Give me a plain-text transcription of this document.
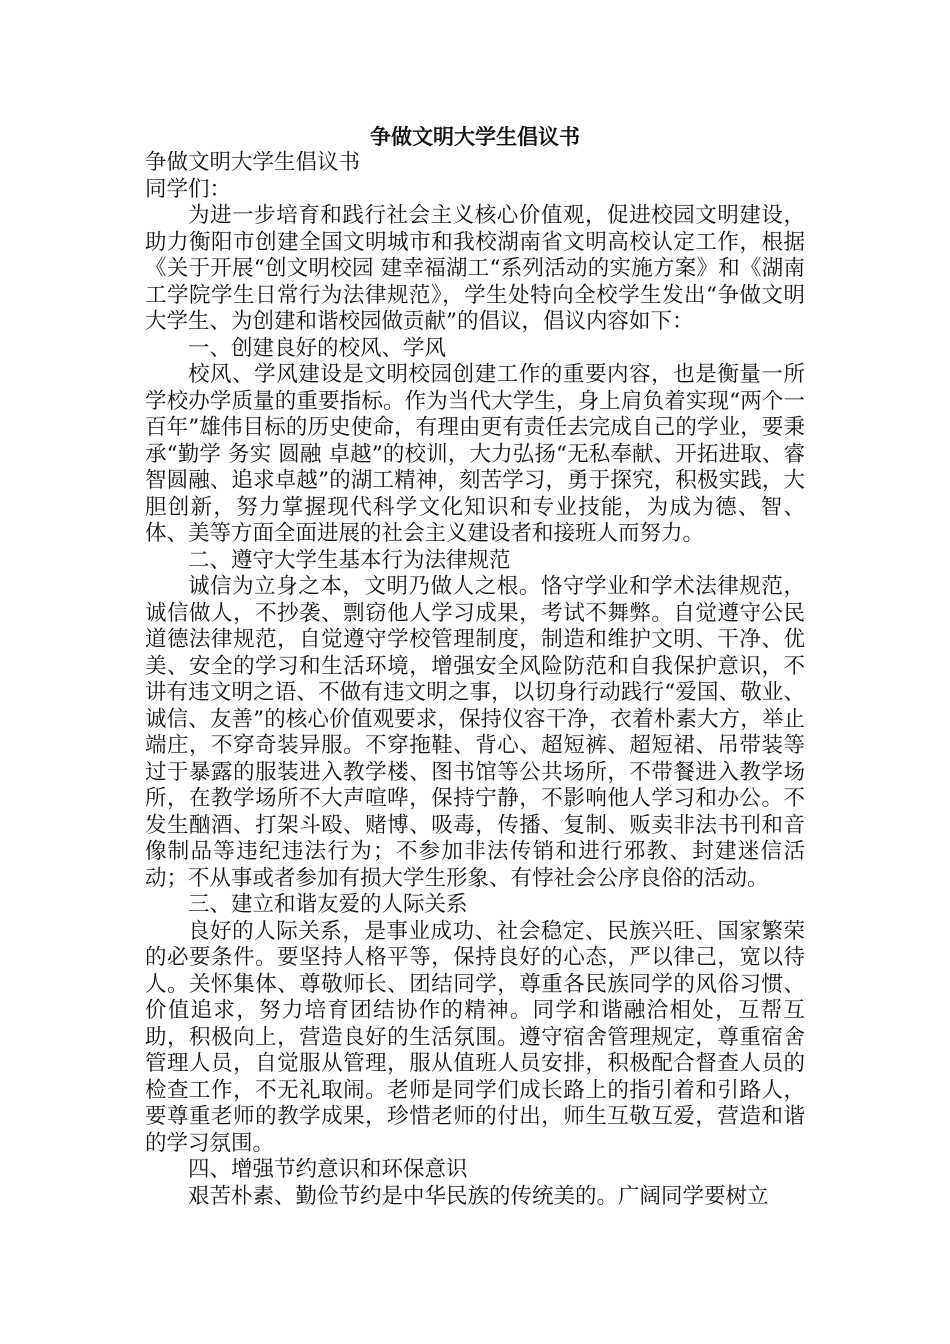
争做文明大学生倡议书

争做文明大学生倡议书

同学们：

为进一步培育和践行社会主义核心价值观，促进校园文明建设，助力衡阳市创建全国文明城市和我校湖南省文明高校认定工作，根据《关于开展“创文明校园 建幸福湖工“系列活动的实施方案》和《湖南工学院学生日常行为法律规范》，学生处特向全校学生发出“争做文明大学生、为创建和谐校园做贡献”的倡议，倡议内容如下：

一、创建良好的校风、学风

校风、学风建设是文明校园创建工作的重要内容，也是衡量一所学校办学质量的重要指标。作为当代大学生，身上肩负着实现“两个一百年”雄伟目标的历史使命，有理由更有责任去完成自己的学业，要秉承“勤学 务实 圆融 卓越”的校训，大力弘扬“无私奉献、开拓进取、睿智圆融、追求卓越”的湖工精神，刻苦学习，勇于探究，积极实践，大胆创新，努力掌握现代科学文化知识和专业技能，为成为德、智、体、美等方面全面进展的社会主义建设者和接班人而努力。

二、遵守大学生基本行为法律规范

诚信为立身之本，文明乃做人之根。恪守学业和学术法律规范，诚信做人，不抄袭、剽窃他人学习成果，考试不舞弊。自觉遵守公民道德法律规范，自觉遵守学校管理制度，制造和维护文明、干净、优美、安全的学习和生活环境，增强安全风险防范和自我保护意识，不讲有违文明之语、不做有违文明之事，以切身行动践行“爱国、敬业、诚信、友善”的核心价值观要求，保持仪容干净，衣着朴素大方，举止端庄，不穿奇装异服。不穿拖鞋、背心、超短裤、超短裙、吊带装等过于暴露的服装进入教学楼、图书馆等公共场所，不带餐进入教学场所，在教学场所不大声喧哗，保持宁静，不影响他人学习和办公。不发生酗酒、打架斗殴、赌博、吸毒，传播、复制、贩卖非法书刊和音像制品等违纪违法行为；不参加非法传销和进行邪教、封建迷信活动；不从事或者参加有损大学生形象、有悖社会公序良俗的活动。

三、建立和谐友爱的人际关系

良好的人际关系，是事业成功、社会稳定、民族兴旺、国家繁荣的必要条件。要坚持人格平等，保持良好的心态，严以律己，宽以待人。关怀集体、尊敬师长、团结同学，尊重各民族同学的风俗习惯、价值追求，努力培育团结协作的精神。同学和谐融洽相处，互帮互助，积极向上，营造良好的生活氛围。遵守宿舍管理规定，尊重宿舍管理人员，自觉服从管理，服从值班人员安排，积极配合督查人员的检查工作，不无礼取闹。老师是同学们成长路上的指引着和引路人，要尊重老师的教学成果，珍惜老师的付出，师生互敬互爱，营造和谐的学习氛围。

四、增强节约意识和环保意识

艰苦朴素、勤俭节约是中华民族的传统美的。广阔同学要树立
